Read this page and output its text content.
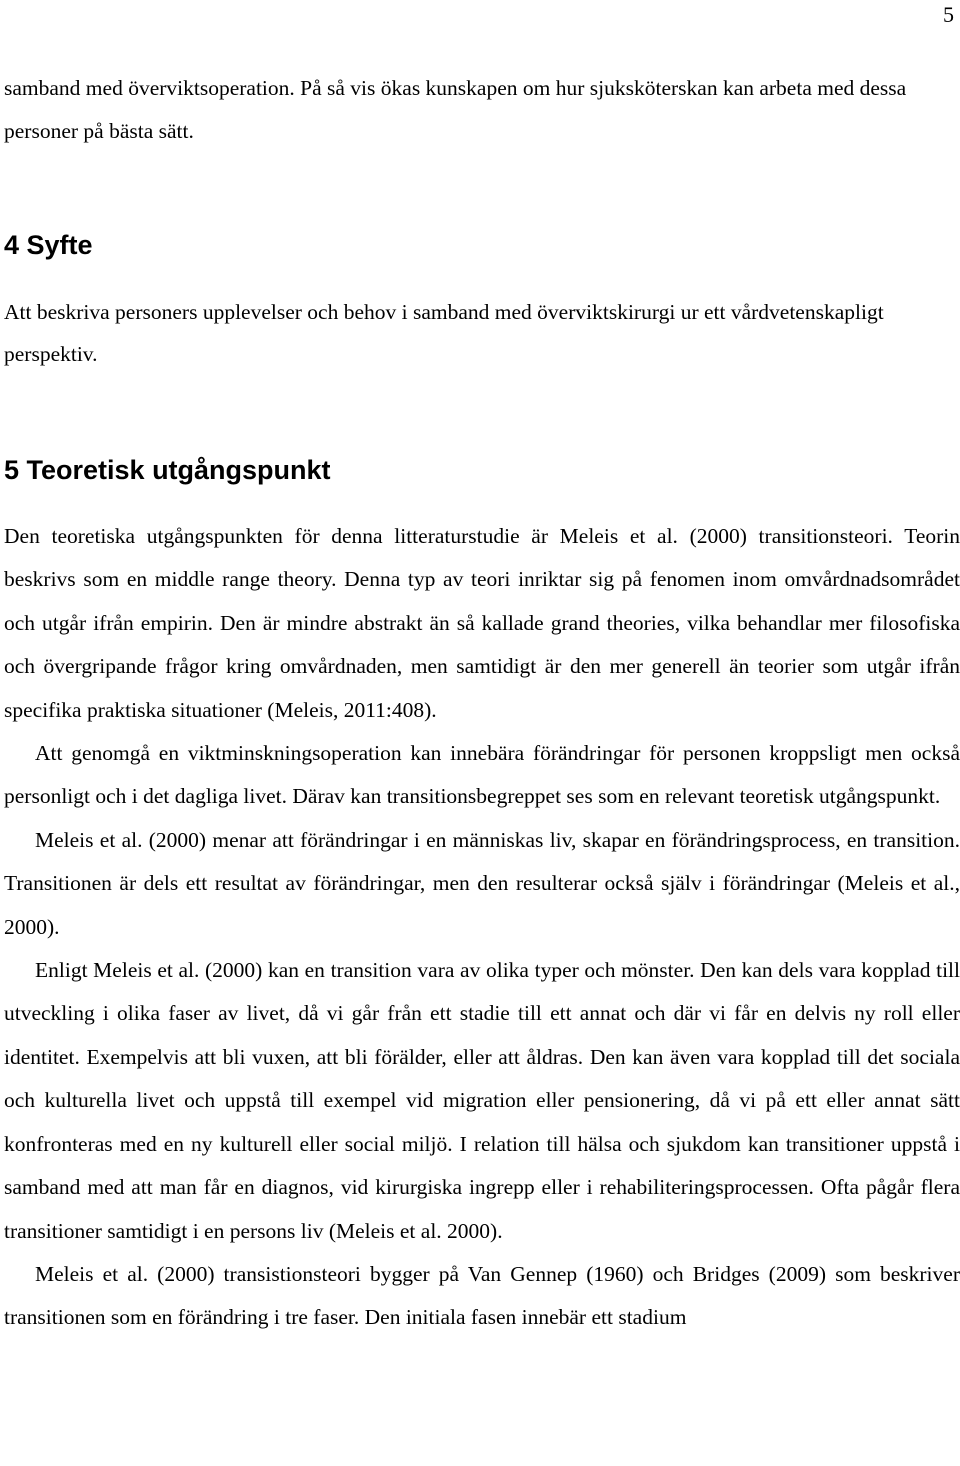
5

samband med överviktsoperation. På så vis ökas kunskapen om hur sjuksköterskan kan arbeta med dessa personer på bästa sätt.

4 Syfte

Att beskriva personers upplevelser och behov i samband med överviktskirurgi ur ett vårdvetenskapligt perspektiv.

5 Teoretisk utgångspunkt

Den teoretiska utgångspunkten för denna litteraturstudie är Meleis et al. (2000) transitionsteori. Teorin beskrivs som en middle range theory. Denna typ av teori inriktar sig på fenomen inom omvårdnadsområdet och utgår ifrån empirin. Den är mindre abstrakt än så kallade grand theories, vilka behandlar mer filosofiska och övergripande frågor kring omvårdnaden, men samtidigt är den mer generell än teorier som utgår ifrån specifika praktiska situationer (Meleis, 2011:408).

Att genomgå en viktminskningsoperation kan innebära förändringar för personen kroppsligt men också personligt och i det dagliga livet. Därav kan transitionsbegreppet ses som en relevant teoretisk utgångspunkt.

Meleis et al. (2000) menar att förändringar i en människas liv, skapar en förändringsprocess, en transition. Transitionen är dels ett resultat av förändringar, men den resulterar också själv i förändringar (Meleis et al., 2000).

Enligt Meleis et al. (2000) kan en transition vara av olika typer och mönster. Den kan dels vara kopplad till utveckling i olika faser av livet, då vi går från ett stadie till ett annat och där vi får en delvis ny roll eller identitet. Exempelvis att bli vuxen, att bli förälder, eller att åldras. Den kan även vara kopplad till det sociala och kulturella livet och uppstå till exempel vid migration eller pensionering, då vi på ett eller annat sätt konfronteras med en ny kulturell eller social miljö. I relation till hälsa och sjukdom kan transitioner uppstå i samband med att man får en diagnos, vid kirurgiska ingrepp eller i rehabiliteringsprocessen. Ofta pågår flera transitioner samtidigt i en persons liv (Meleis et al. 2000).

Meleis et al. (2000) transistionsteori bygger på Van Gennep (1960) och Bridges (2009) som beskriver transitionen som en förändring i tre faser. Den initiala fasen innebär ett stadium
